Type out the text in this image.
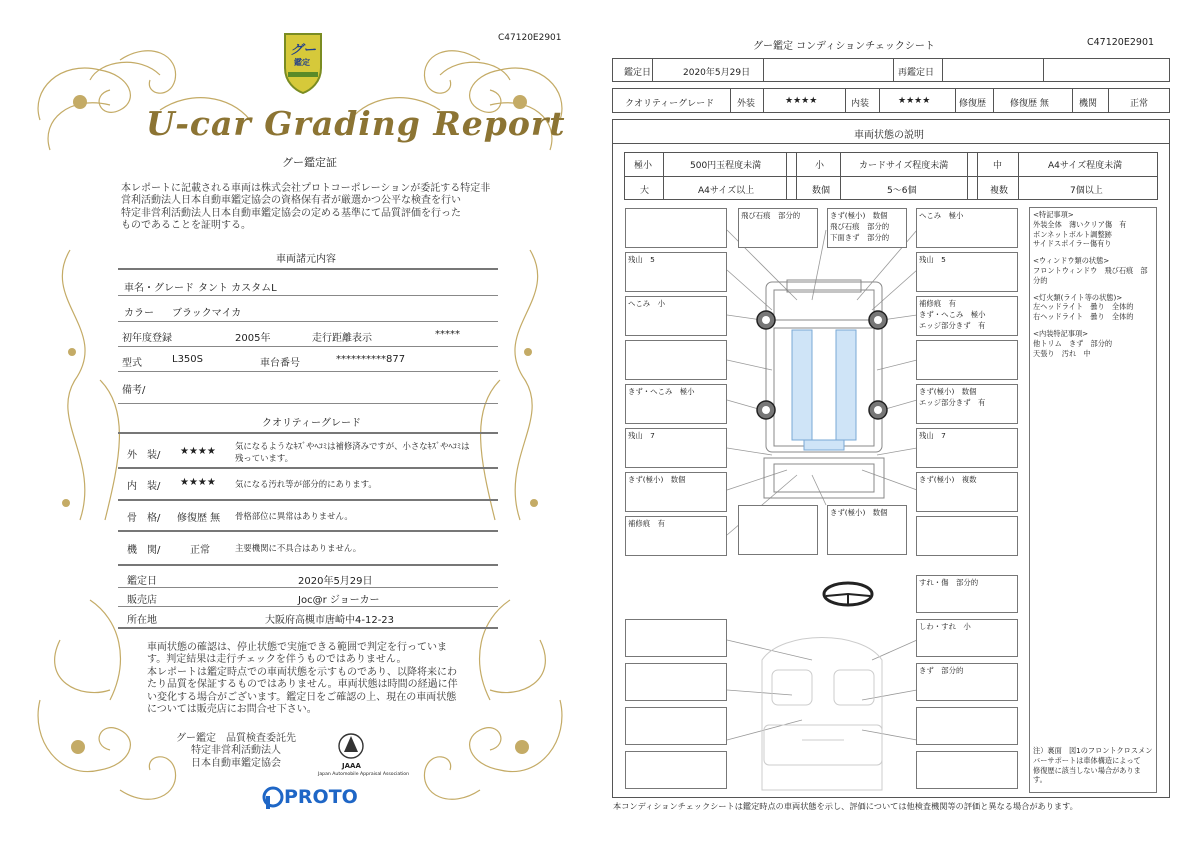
C47120E2901
グー
鑑定
U-car Grading Report
グー鑑定証
本レポートに記載される車両は株式会社プロトコーポレーションが委託する特定非
営利活動法人日本自動車鑑定協会の資格保有者が厳選かつ公平な検査を行い
特定非営利活動法人日本自動車鑑定協会の定める基準にて品質評価を行った
ものであることを証明する。
車両諸元内容
車名・グレード タント カスタムL
カラー ブラックマイカ
初年度登録	2005年	走行距離表示	*****
型式	L350S	車台番号	**********877
備考/
クオリティーグレード
外　装/ ★★★★ 気になるようなｷｽﾞやﾍｺﾐは補修済みですが、小さなｷｽﾞやﾍｺﾐは
残っています。
内　装/ ★★★★ 気になる汚れ等が部分的にあります。
骨　格/ 修復歴 無 骨格部位に異常はありません。
機　関/	正常	主要機関に不具合はありません。
鑑定日	2020年5月29日
販売店	Joc@r ジョーカー
所在地	大阪府高槻市唐崎中4-12-23
車両状態の確認は、停止状態で実施できる範囲で判定を行っていま
す。判定結果は走行チェックを伴うものではありません。
本レポートは鑑定時点での車両状態を示すものであり、以降将来にわ
たり品質を保証するものではありません。車両状態は時間の経過に伴
い変化する場合がございます。鑑定日をご確認の上、現在の車両状態
については販売店にお問合せ下さい。
グー鑑定　品質検査委託先
特定非営利活動法人
日本自動車鑑定協会	JAAA
Japan Automobile Appraisal Association
PROTO
グー鑑定 コンディションチェックシート	C47120E2901
鑑定日	2020年5月29日	再鑑定日
クオリティーグレード	外装	★★★★	内装	★★★★	修復歴	修復歴 無	機関	正常
車両状態の説明
極小	500円玉程度未満	小	カードサイズ程度未満	中	A4サイズ程度未満
大	A4サイズ以上	数個	5～6個	複数	7個以上
残山　5
へこみ　小
きず・へこみ　極小
残山　7
きず(極小)　数個
補修痕　有
飛び石痕　部分的	きず(極小)　数個
飛び石痕　部分的
下面きず　部分的
きず(極小)　数個
へこみ　極小
残山　5
補修痕　有
きず・へこみ　極小
エッジ部分きず　有
きず(極小)　数個
エッジ部分きず　有
残山　7
きず(極小)　複数
すれ・傷　部分的
しわ・すれ　小
きず　部分的
<特記事項>
外装全体　薄いクリア傷　有
ボンネットボルト調整跡
サイドスポイラー傷有り
<ウィンドウ類の状態>
フロントウィンドウ　飛び石痕　部
分的
<灯火類(ライト等の状態)>
左ヘッドライト　曇り　全体的
右ヘッドライト　曇り　全体的
<内装特記事項>
他トリム　きず　部分的
天張り　汚れ　中
注）裏面　図1のフロントクロスメン
バーサポートは車体構造によって
修復歴に該当しない場合がありま
す。
本コンディションチェックシートは鑑定時点の車両状態を示し、評価については他検査機関等の評価と異なる場合があります。
